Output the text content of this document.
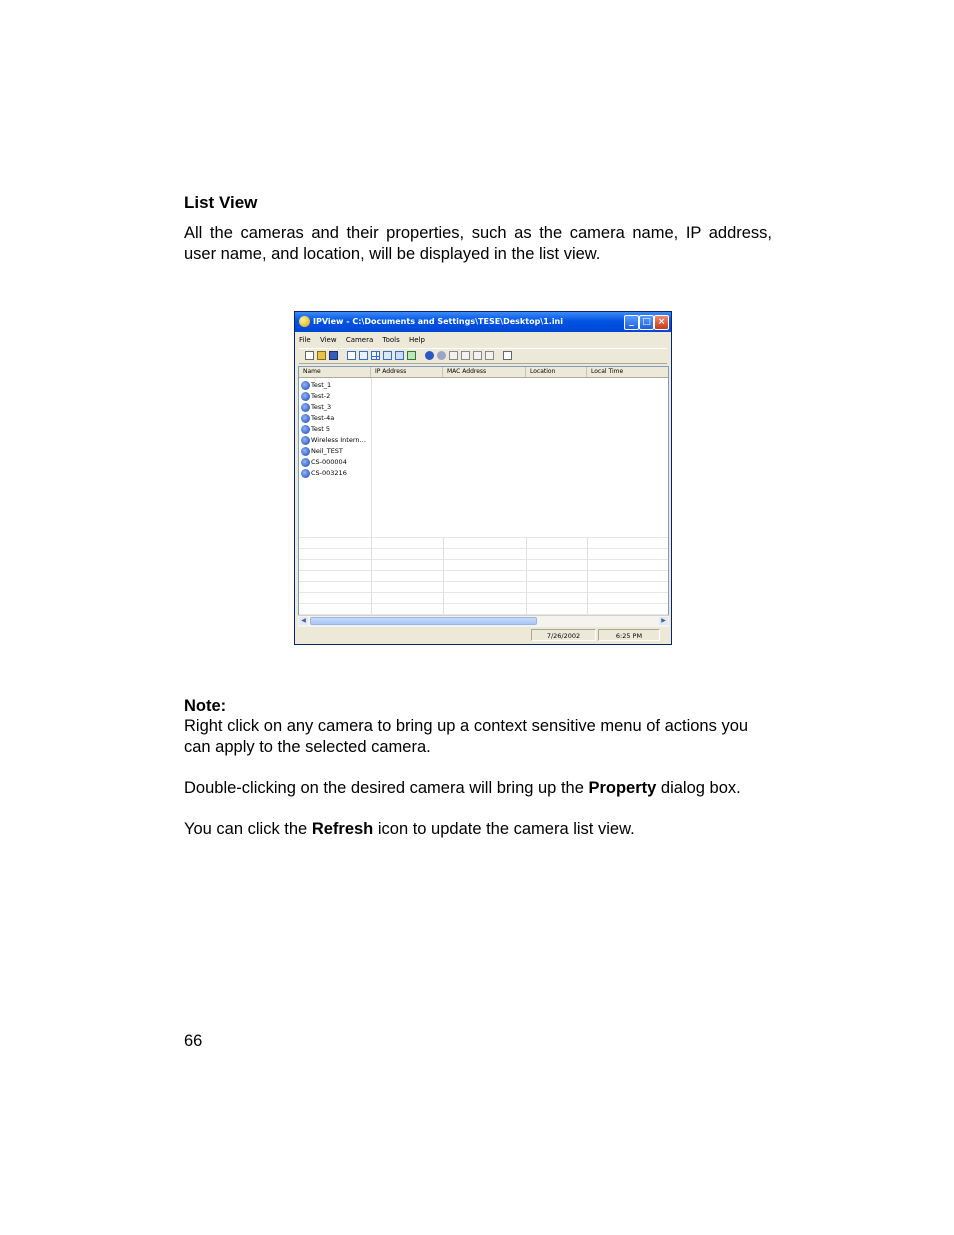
List View
All the cameras and their properties, such as the camera name, IP address, user name, and location, will be displayed in the list view.
IPView - C:\Documents and Settings\TESE\Desktop\1.ini	_ □ ×
File View Camera Tools Help
Name	IP Address	MAC Address	Location	Local Time
Test_1
Test-2
Test_3
Test-4a
Test 5
Wireless Intern…
Neil_TEST
CS-000004
CS-003216
◀	▶
7/26/2002	6:25 PM
Note:
Right click on any camera to bring up a context sensitive menu of actions you can apply to the selected camera.
Double-clicking on the desired camera will bring up the Property dialog box.
You can click the Refresh icon to update the camera list view.
66
